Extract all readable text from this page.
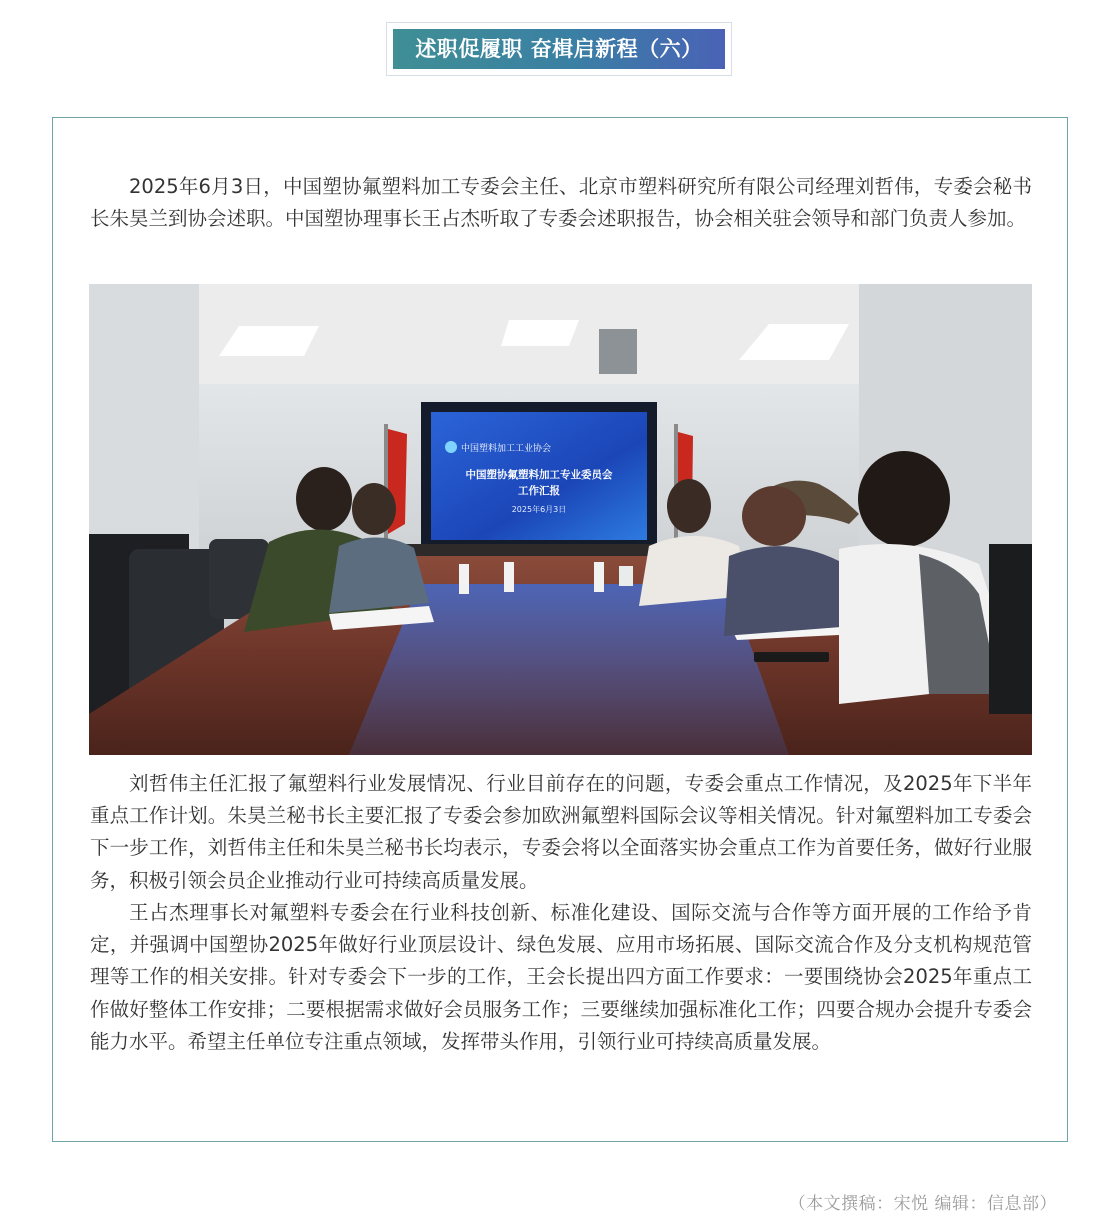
述职促履职 奋楫启新程（六）

2025年6月3日，中国塑协氟塑料加工专委会主任、北京市塑料研究所有限公司经理刘哲伟，专委会秘书长朱昊兰到协会述职。中国塑协理事长王占杰听取了专委会述职报告，协会相关驻会领导和部门负责人参加。

中国塑料加工工业协会
中国塑协氟塑料加工专业委员会
工作汇报
2025年6月3日

刘哲伟主任汇报了氟塑料行业发展情况、行业目前存在的问题，专委会重点工作情况，及2025年下半年重点工作计划。朱昊兰秘书长主要汇报了专委会参加欧洲氟塑料国际会议等相关情况。针对氟塑料加工专委会下一步工作，刘哲伟主任和朱昊兰秘书长均表示，专委会将以全面落实协会重点工作为首要任务，做好行业服务，积极引领会员企业推动行业可持续高质量发展。

王占杰理事长对氟塑料专委会在行业科技创新、标准化建设、国际交流与合作等方面开展的工作给予肯定，并强调中国塑协2025年做好行业顶层设计、绿色发展、应用市场拓展、国际交流合作及分支机构规范管理等工作的相关安排。针对专委会下一步的工作，王会长提出四方面工作要求：一要围绕协会2025年重点工作做好整体工作安排；二要根据需求做好会员服务工作；三要继续加强标准化工作；四要合规办会提升专委会能力水平。希望主任单位专注重点领域，发挥带头作用，引领行业可持续高质量发展。

（本文撰稿：宋悦 编辑：信息部）
